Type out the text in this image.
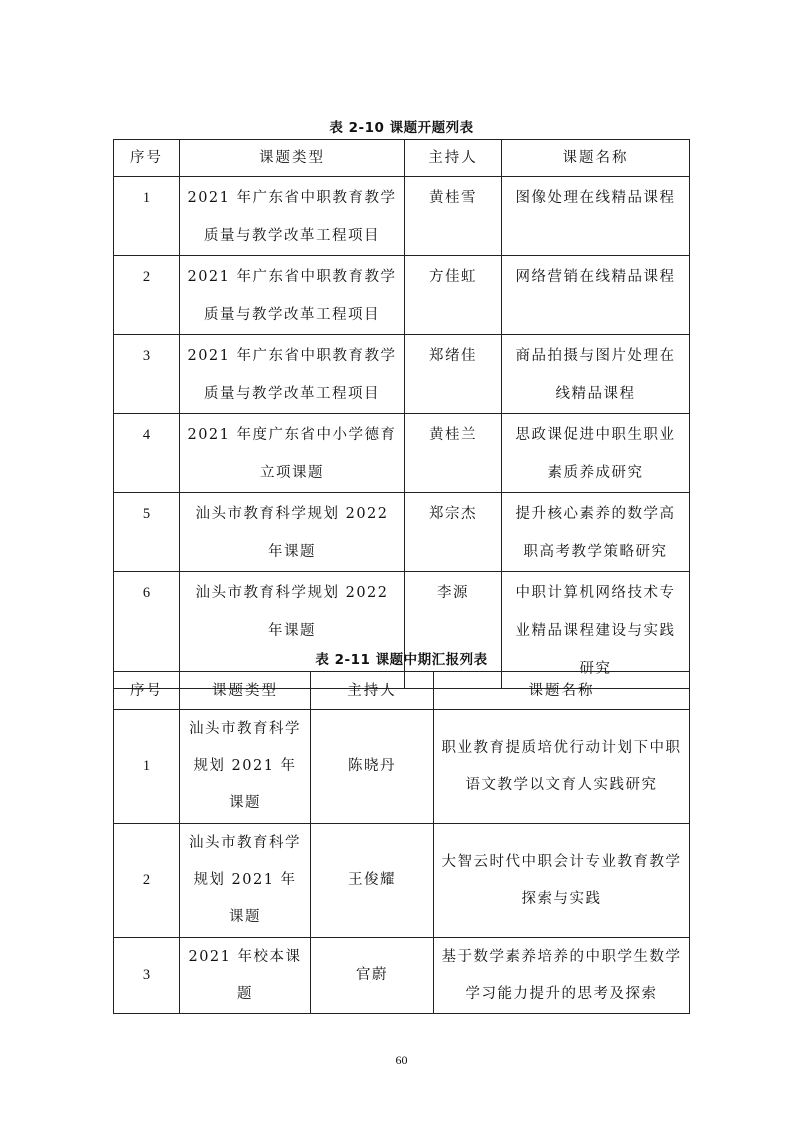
表 2-10 课题开题列表
序号	课题类型	主持人	课题名称
1	2021 年广东省中职教育教学质量与教学改革工程项目	黄桂雪	图像处理在线精品课程
2	2021 年广东省中职教育教学质量与教学改革工程项目	方佳虹	网络营销在线精品课程
3	2021 年广东省中职教育教学质量与教学改革工程项目	郑绪佳	商品拍摄与图片处理在线精品课程
4	2021 年度广东省中小学德育立项课题	黄桂兰	思政课促进中职生职业素质养成研究
5	汕头市教育科学规划 2022 年课题	郑宗杰	提升核心素养的数学高职高考教学策略研究
6	汕头市教育科学规划 2022 年课题	李源	中职计算机网络技术专业精品课程建设与实践研究
表 2-11 课题中期汇报列表
序号	课题类型	主持人	课题名称
1	汕头市教育科学规划 2021 年课题	陈晓丹	职业教育提质培优行动计划下中职语文教学以文育人实践研究
2	汕头市教育科学规划 2021 年课题	王俊耀	大智云时代中职会计专业教育教学探索与实践
3	2021 年校本课题	官蔚	基于数学素养培养的中职学生数学学习能力提升的思考及探索
60
